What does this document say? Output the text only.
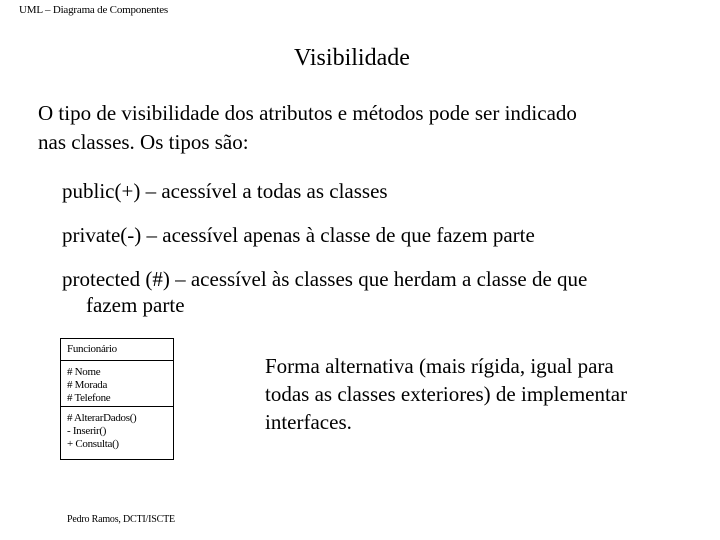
UML – Diagrama de Componentes
Visibilidade
O tipo de visibilidade dos atributos e métodos pode ser indicado nas classes. Os tipos são:
public(+) – acessível a todas as classes
private(-) – acessível apenas à classe de que fazem parte
protected (#) – acessível às classes que herdam a classe de que
fazem parte
Funcionário
# Nome
# Morada
# Telefone
# AlterarDados()
- Inserir()
+ Consulta()
Forma alternativa (mais rígida, igual para todas as classes exteriores) de implementar interfaces.
Pedro Ramos, DCTI/ISCTE
